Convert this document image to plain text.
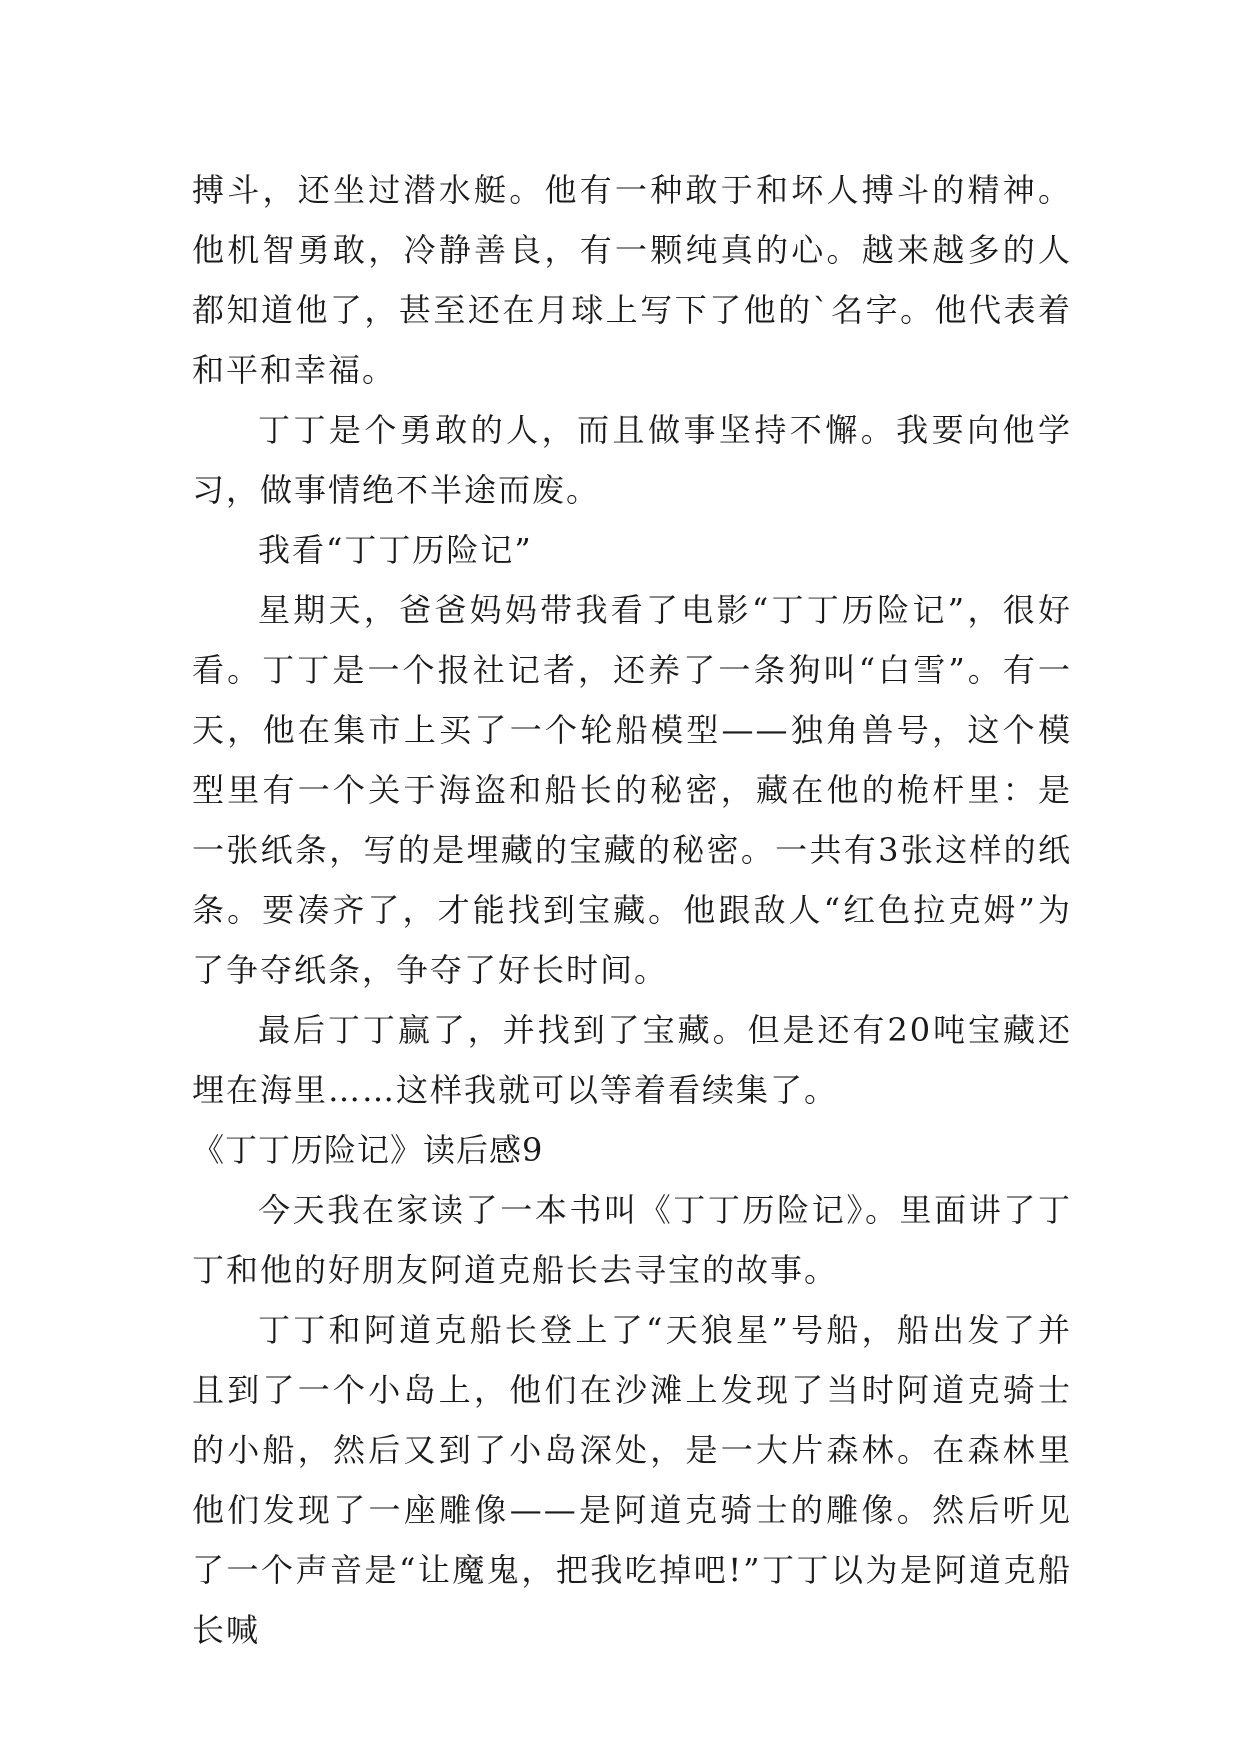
搏斗，还坐过潜水艇。他有一种敢于和坏人搏斗的精神。他机智勇敢，冷静善良，有一颗纯真的心。越来越多的人都知道他了，甚至还在月球上写下了他的`名字。他代表着和平和幸福。

丁丁是个勇敢的人，而且做事坚持不懈。我要向他学习，做事情绝不半途而废。

我看“丁丁历险记”

星期天，爸爸妈妈带我看了电影“丁丁历险记”，很好看。丁丁是一个报社记者，还养了一条狗叫“白雪”。有一天，他在集市上买了一个轮船模型——独角兽号，这个模型里有一个关于海盗和船长的秘密，藏在他的桅杆里：是一张纸条，写的是埋藏的宝藏的秘密。一共有3张这样的纸条。要凑齐了，才能找到宝藏。他跟敌人“红色拉克姆”为了争夺纸条，争夺了好长时间。

最后丁丁赢了，并找到了宝藏。但是还有20吨宝藏还埋在海里……这样我就可以等着看续集了。

《丁丁历险记》读后感9

今天我在家读了一本书叫《丁丁历险记》。里面讲了丁丁和他的好朋友阿道克船长去寻宝的故事。

丁丁和阿道克船长登上了“天狼星”号船，船出发了并且到了一个小岛上，他们在沙滩上发现了当时阿道克骑士的小船，然后又到了小岛深处，是一大片森林。在森林里他们发现了一座雕像——是阿道克骑士的雕像。然后听见了一个声音是“让魔鬼，把我吃掉吧!”丁丁以为是阿道克船长喊
